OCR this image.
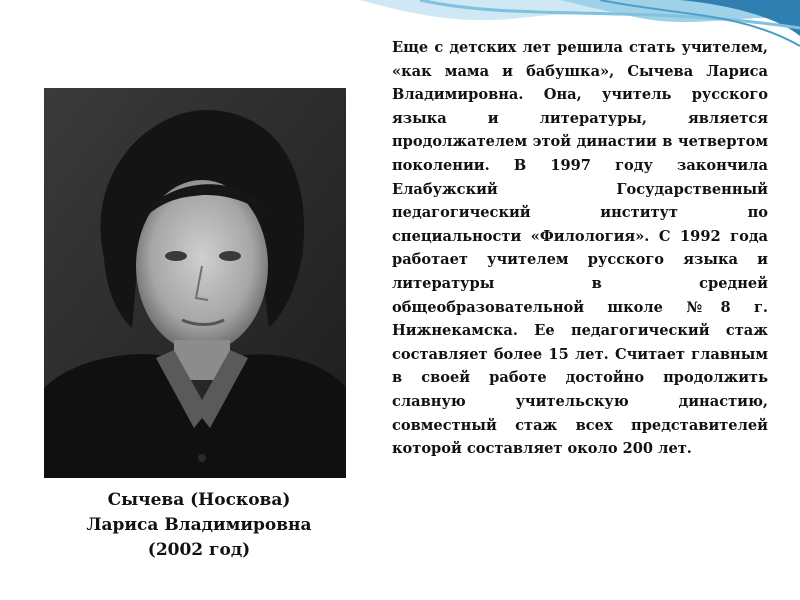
Сычева (Носкова)
Лариса Владимировна
(2002 год)

Еще с детских лет решила стать учителем, «как мама и бабушка», Сычева Лариса Владимировна. Она, учитель русского языка и литературы, является продолжателем этой династии в четвертом поколении. В 1997 году закончила Елабужский Государственный педагогический институт по специальности «Филология». С 1992 года работает учителем русского языка и литературы в средней общеобразовательной школе №8 г. Нижнекамска. Ее педагогический стаж составляет более 15 лет. Считает главным в своей работе достойно продолжить славную учительскую династию, совместный стаж всех представителей которой составляет около 200 лет.
